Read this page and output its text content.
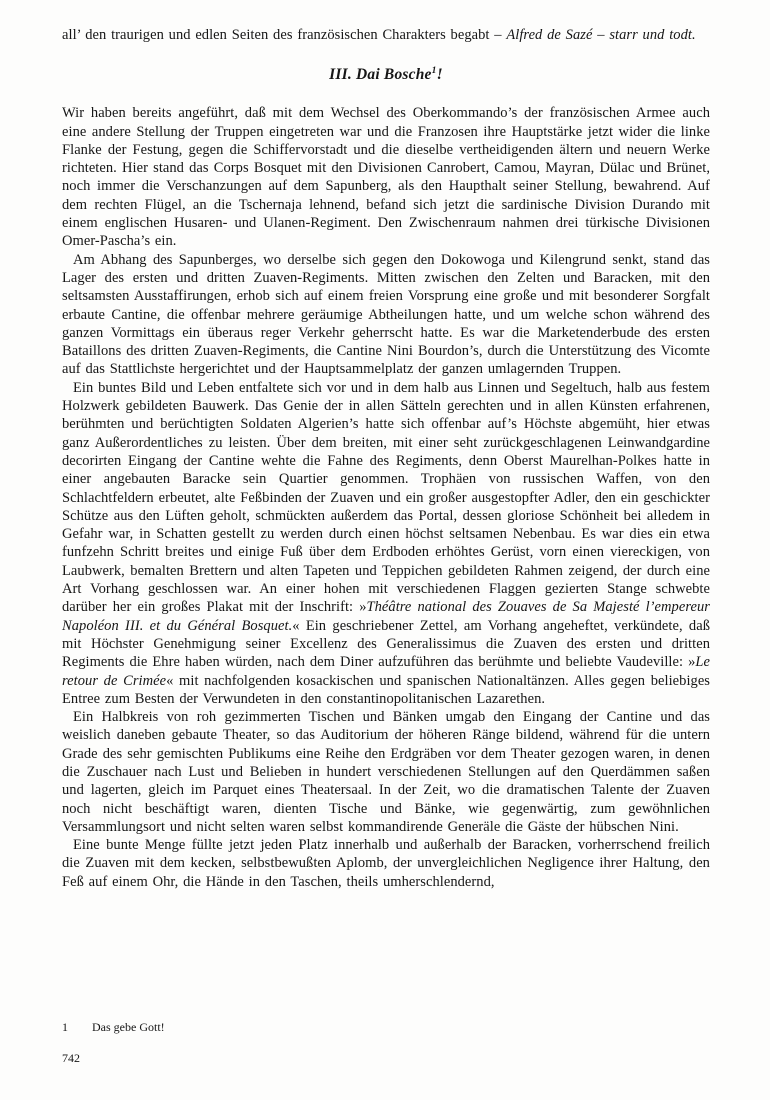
all’ den traurigen und edlen Seiten des französischen Charakters begabt – Alfred de Sazé – starr und todt.

III. Dai Bosche$^1$!

Wir haben bereits angeführt, daß mit dem Wechsel des Oberkommando’s der französischen Armee auch eine andere Stellung der Truppen eingetreten war und die Franzosen ihre Hauptstärke jetzt wider die linke Flanke der Festung, gegen die Schiffervorstadt und die dieselbe vertheidigenden ältern und neuern Werke richteten. Hier stand das Corps Bosquet mit den Divisionen Canrobert, Camou, Mayran, Dülac und Brünet, noch immer die Verschanzungen auf dem Sapunberg, als den Haupthalt seiner Stellung, bewahrend. Auf dem rechten Flügel, an die Tschernaja lehnend, befand sich jetzt die sardinische Division Durando mit einem englischen Husaren- und Ulanen-Regiment. Den Zwischenraum nahmen drei türkische Divisionen Omer-Pascha’s ein.

Am Abhang des Sapunberges, wo derselbe sich gegen den Dokowoga und Kilengrund senkt, stand das Lager des ersten und dritten Zuaven-Regiments. Mitten zwischen den Zelten und Baracken, mit den seltsamsten Ausstaffirungen, erhob sich auf einem freien Vorsprung eine große und mit besonderer Sorgfalt erbaute Cantine, die offenbar mehrere geräumige Abtheilungen hatte, und um welche schon während des ganzen Vormittags ein überaus reger Verkehr geherrscht hatte. Es war die Marketenderbude des ersten Bataillons des dritten Zuaven-Regiments, die Cantine Nini Bourdon’s, durch die Unterstützung des Vicomte auf das Stattlichste hergerichtet und der Hauptsammelplatz der ganzen umlagernden Truppen.

Ein buntes Bild und Leben entfaltete sich vor und in dem halb aus Linnen und Segeltuch, halb aus festem Holzwerk gebildeten Bauwerk. Das Genie der in allen Sätteln gerechten und in allen Künsten erfahrenen, berühmten und berüchtigten Soldaten Algerien’s hatte sich offenbar auf’s Höchste abgemüht, hier etwas ganz Außerordentliches zu leisten. Über dem breiten, mit einer seht zurückgeschlagenen Leinwandgardine decorirten Eingang der Cantine wehte die Fahne des Regiments, denn Oberst Maurelhan-Polkes hatte in einer angebauten Baracke sein Quartier genommen. Trophäen von russischen Waffen, von den Schlachtfeldern erbeutet, alte Feßbinden der Zuaven und ein großer ausgestopfter Adler, den ein geschickter Schütze aus den Lüften geholt, schmückten außerdem das Portal, dessen gloriose Schönheit bei alledem in Gefahr war, in Schatten gestellt zu werden durch einen höchst seltsamen Nebenbau. Es war dies ein etwa funfzehn Schritt breites und einige Fuß über dem Erdboden erhöhtes Gerüst, vorn einen viereckigen, von Laubwerk, bemalten Brettern und alten Tapeten und Teppichen gebildeten Rahmen zeigend, der durch eine Art Vorhang geschlossen war. An einer hohen mit verschiedenen Flaggen gezierten Stange schwebte darüber her ein großes Plakat mit der Inschrift: »Théâtre national des Zouaves de Sa Majesté l’empereur Napoléon III. et du Général Bosquet.« Ein geschriebener Zettel, am Vorhang angeheftet, verkündete, daß mit Höchster Genehmigung seiner Excellenz des Generalissimus die Zuaven des ersten und dritten Regiments die Ehre haben würden, nach dem Diner aufzuführen das berühmte und beliebte Vaudeville: »Le retour de Crimée« mit nachfolgenden kosackischen und spanischen Nationaltänzen. Alles gegen beliebiges Entree zum Besten der Verwundeten in den constantinopolitanischen Lazarethen.

Ein Halbkreis von roh gezimmerten Tischen und Bänken umgab den Eingang der Cantine und das weislich daneben gebaute Theater, so das Auditorium der höheren Ränge bildend, während für die untern Grade des sehr gemischten Publikums eine Reihe den Erdgräben vor dem Theater gezogen waren, in denen die Zuschauer nach Lust und Belieben in hundert verschiedenen Stellungen auf den Querdämmen saßen und lagerten, gleich im Parquet eines Theatersaal. In der Zeit, wo die dramatischen Talente der Zuaven noch nicht beschäftigt waren, dienten Tische und Bänke, wie gegenwärtig, zum gewöhnlichen Versammlungsort und nicht selten waren selbst kommandirende Generäle die Gäste der hübschen Nini.

Eine bunte Menge füllte jetzt jeden Platz innerhalb und außerhalb der Baracken, vorherrschend freilich die Zuaven mit dem kecken, selbstbewußten Aplomb, der unvergleichlichen Negligence ihrer Haltung, den Feß auf einem Ohr, die Hände in den Taschen, theils umherschlendernd,

1 Das gebe Gott!
742
